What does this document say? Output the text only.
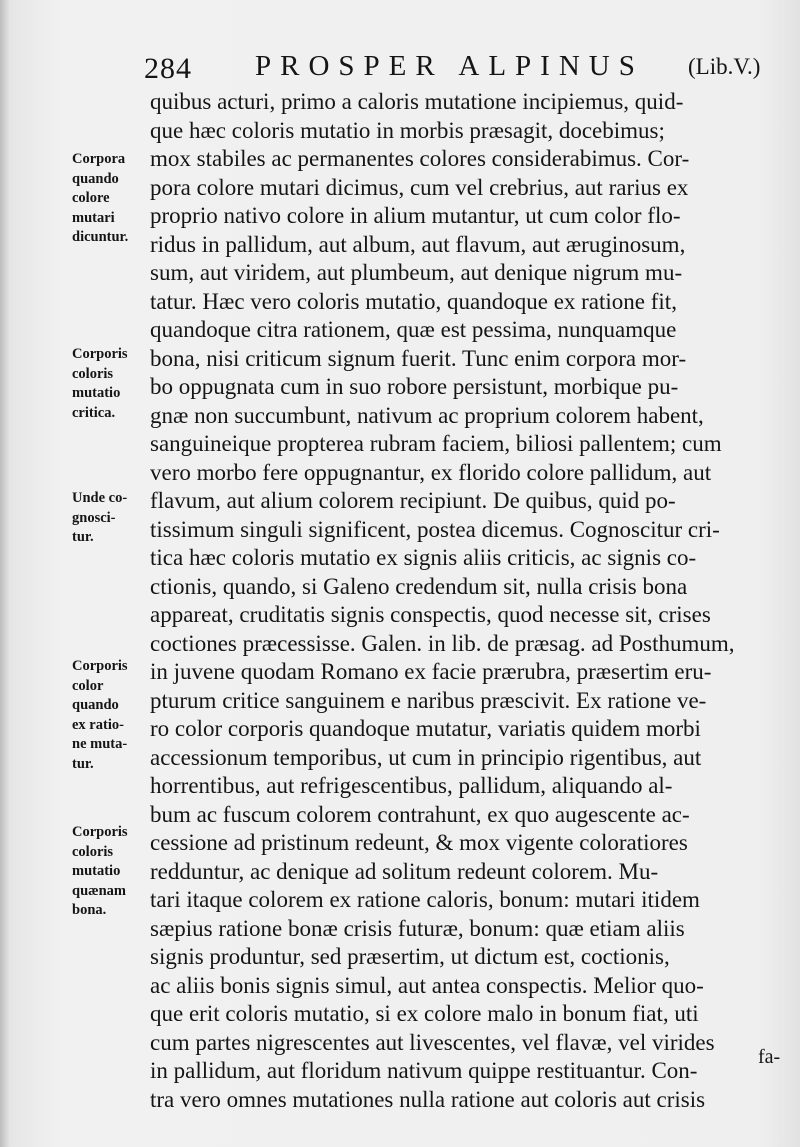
284 PROSPER ALPINUS (Lib.V.)
quibus acturi, primo a caloris mutatione incipiemus, quid-
que hæc coloris mutatio in morbis præsagit, docebimus;
mox stabiles ac permanentes colores considerabimus. Cor-
pora colore mutari dicimus, cum vel crebrius, aut rarius ex
proprio nativo colore in alium mutantur, ut cum color flo-
ridus in pallidum, aut album, aut flavum, aut æruginosum,
sum, aut viridem, aut plumbeum, aut denique nigrum mu-
tatur. Hæc vero coloris mutatio, quandoque ex ratione fit,
quandoque citra rationem, quæ est pessima, nunquamque
bona, nisi criticum signum fuerit. Tunc enim corpora mor-
bo oppugnata cum in suo robore persistunt, morbique pu-
gnæ non succumbunt, nativum ac proprium colorem habent,
sanguineique propterea rubram faciem, biliosi pallentem; cum
vero morbo fere oppugnantur, ex florido colore pallidum, aut
flavum, aut alium colorem recipiunt. De quibus, quid po-
tissimum singuli significent, postea dicemus. Cognoscitur cri-
tica hæc coloris mutatio ex signis aliis criticis, ac signis co-
ctionis, quando, si Galeno credendum sit, nulla crisis bona
appareat, cruditatis signis conspectis, quod necesse sit, crises
coctiones præcessisse. Galen. in lib. de præsag. ad Posthumum,
in juvene quodam Romano ex facie prærubra, præsertim eru-
pturum critice sanguinem e naribus præscivit. Ex ratione ve-
ro color corporis quandoque mutatur, variatis quidem morbi
accessionum temporibus, ut cum in principio rigentibus, aut
horrentibus, aut refrigescentibus, pallidum, aliquando al-
bum ac fuscum colorem contrahunt, ex quo augescente ac-
cessione ad pristinum redeunt, & mox vigente coloratiores
redduntur, ac denique ad solitum redeunt colorem. Mu-
tari itaque colorem ex ratione caloris, bonum: mutari itidem
sæpius ratione bonæ crisis futuræ, bonum: quæ etiam aliis
signis produntur, sed præsertim, ut dictum est, coctionis,
ac aliis bonis signis simul, aut antea conspectis. Melior quo-
que erit coloris mutatio, si ex colore malo in bonum fiat, uti
cum partes nigrescentes aut livescentes, vel flavæ, vel virides
in pallidum, aut floridum nativum quippe restituantur. Con-
tra vero omnes mutationes nulla ratione aut coloris aut crisis
Corpora
quando
colore
mutari
dicuntur.
Corporis
coloris
mutatio
critica.
Unde co-
gnosci-
tur.
Corporis
color
quando
ex ratio-
ne muta-
tur.
Corporis
coloris
mutatio
quænam
bona.
fa-
